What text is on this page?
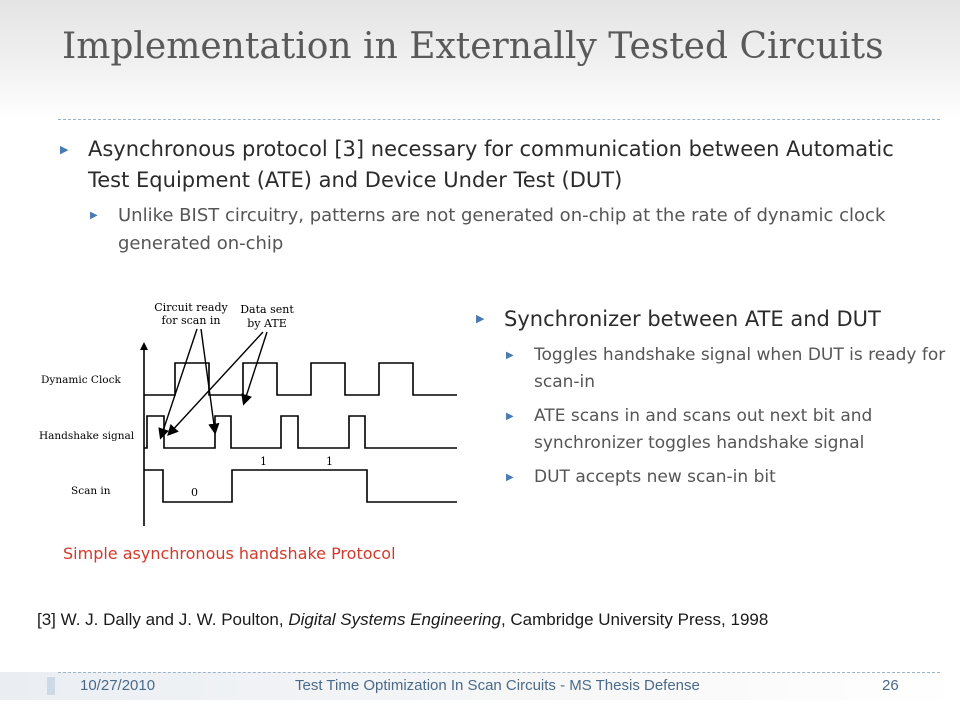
Implementation in Externally Tested Circuits
▶ Asynchronous protocol [3] necessary for communication between Automatic Test Equipment (ATE) and Device Under Test (DUT)
▶ Unlike BIST circuitry, patterns are not generated on-chip at the rate of dynamic clock generated on-chip
Circuit ready
for scan in
Data sent
by ATE
Dynamic Clock
Handshake signal
Scan in	0
1	1
Simple asynchronous handshake Protocol
▶ Synchronizer between ATE and DUT
▶ Toggles handshake signal when DUT is ready for scan-in
▶ ATE scans in and scans out next bit and synchronizer toggles handshake signal
▶ DUT accepts new scan-in bit
[3] W. J. Dally and J. W. Poulton, Digital Systems Engineering, Cambridge University Press, 1998
10/27/2010	Test Time Optimization In Scan Circuits - MS Thesis Defense	26
